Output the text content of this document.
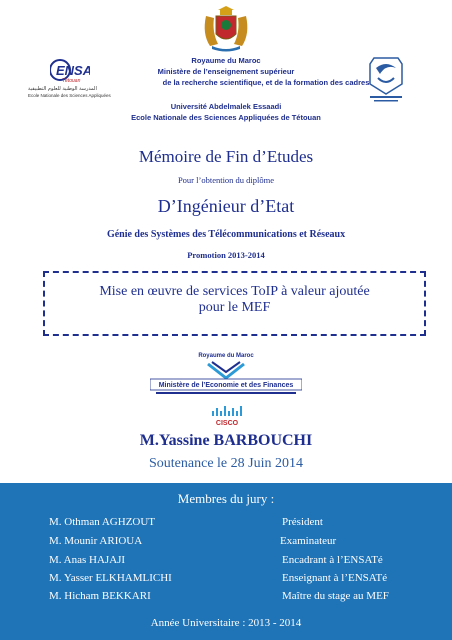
Royaume du Maroc
Ministère de l’enseignement supérieur
de la recherche scientifique, et de la formation des cadres
Université Abdelmalek Essaadi
Ecole Nationale des Sciences Appliquées de Tétouan
ENSA
Tétouan
المدرسة الوطنية للعلوم التطبيقية
Ecole Nationale des Sciences Appliquées
Mémoire de Fin d’Etudes
Pour l’obtention du diplôme
D’Ingénieur d’Etat
Génie des Systèmes des Télécommunications et Réseaux
Promotion 2013-2014
Mise en œuvre de services ToIP à valeur ajoutée
pour le MEF
Royaume du Maroc
Ministère de l’Economie et des Finances
CISCO
M.Yassine BARBOUCHI
Soutenance le 28 Juin 2014
Membres du jury :
M. Othman AGHZOUT	Président
M. Mounir ARIOUA	Examinateur
M. Anas HAJAJI	Encadrant à l’ENSATé
M. Yasser ELKHAMLICHI	Enseignant à l’ENSATé
M. Hicham BEKKARI	Maître du stage au MEF
Année Universitaire : 2013 - 2014
